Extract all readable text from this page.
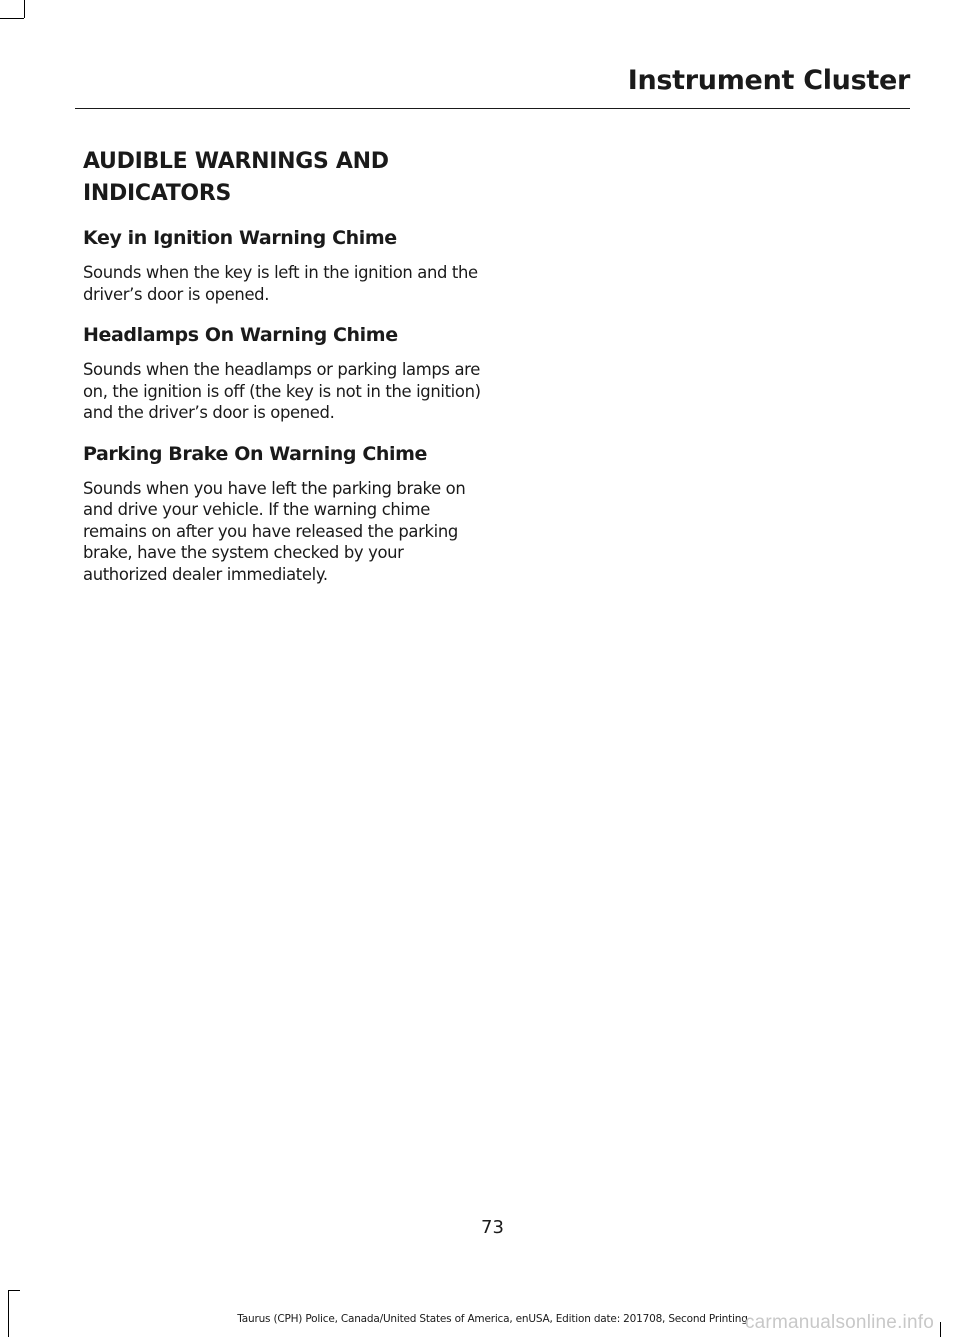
Instrument Cluster
AUDIBLE WARNINGS AND INDICATORS
Key in Ignition Warning Chime

Sounds when the key is left in the ignition and the driver’s door is opened.

Headlamps On Warning Chime

Sounds when the headlamps or parking lamps are on, the ignition is off (the key is not in the ignition) and the driver’s door is opened.

Parking Brake On Warning Chime

Sounds when you have left the parking brake on and drive your vehicle. If the warning chime remains on after you have released the parking brake, have the system checked by your authorized dealer immediately.

73
Taurus (CPH) Police, Canada/United States of America, enUSA, Edition date: 201708, Second Printing
carmanualsonline.info
